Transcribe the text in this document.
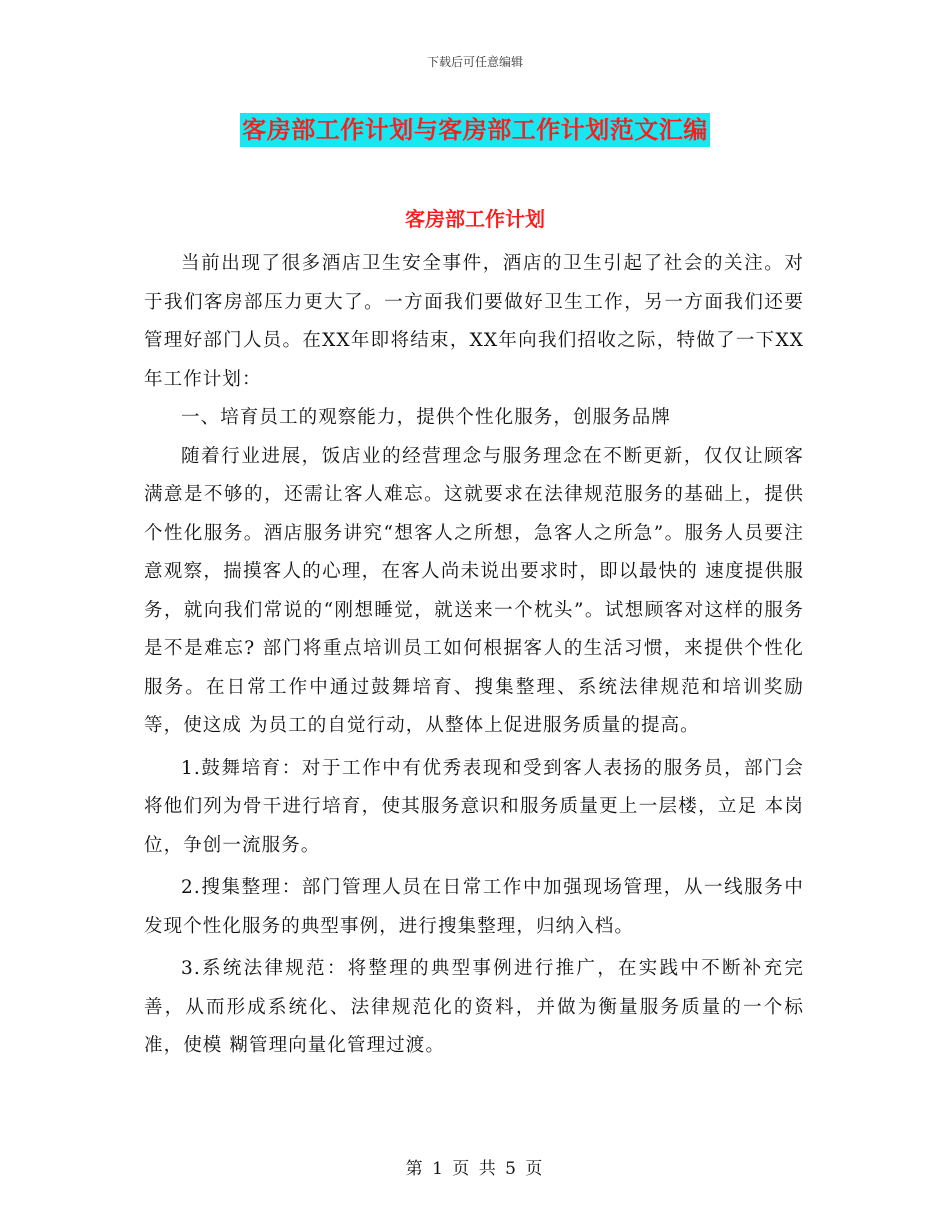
下载后可任意编辑
客房部工作计划与客房部工作计划范文汇编
客房部工作计划

当前出现了很多酒店卫生安全事件，酒店的卫生引起了社会的关注。对于我们客房部压力更大了。一方面我们要做好卫生工作，另一方面我们还要管理好部门人员。在XX年即将结束，XX年向我们招收之际，特做了一下XX年工作计划：

一、培育员工的观察能力，提供个性化服务，创服务品牌

随着行业进展，饭店业的经营理念与服务理念在不断更新，仅仅让顾客满意是不够的，还需让客人难忘。这就要求在法律规范服务的基础上，提供 个性化服务。酒店服务讲究“想客人之所想，急客人之所急”。服务人员要注意观察，揣摸客人的心理，在客人尚未说出要求时，即以最快的 速度提供服务，就向我们常说的“刚想睡觉，就送来一个枕头”。试想顾客对这样的服务是不是难忘? 部门将重点培训员工如何根据客人的生活习惯，来提供个性化服务。在日常工作中通过鼓舞培育、搜集整理、系统法律规范和培训奖励等，使这成 为员工的自觉行动，从整体上促进服务质量的提高。

1.鼓舞培育：对于工作中有优秀表现和受到客人表扬的服务员，部门会将他们列为骨干进行培育，使其服务意识和服务质量更上一层楼，立足 本岗位，争创一流服务。

2.搜集整理：部门管理人员在日常工作中加强现场管理，从一线服务中发现个性化服务的典型事例，进行搜集整理，归纳入档。

3.系统法律规范：将整理的典型事例进行推广，在实践中不断补充完善，从而形成系统化、法律规范化的资料，并做为衡量服务质量的一个标准，使模 糊管理向量化管理过渡。

第 1 页 共 5 页
